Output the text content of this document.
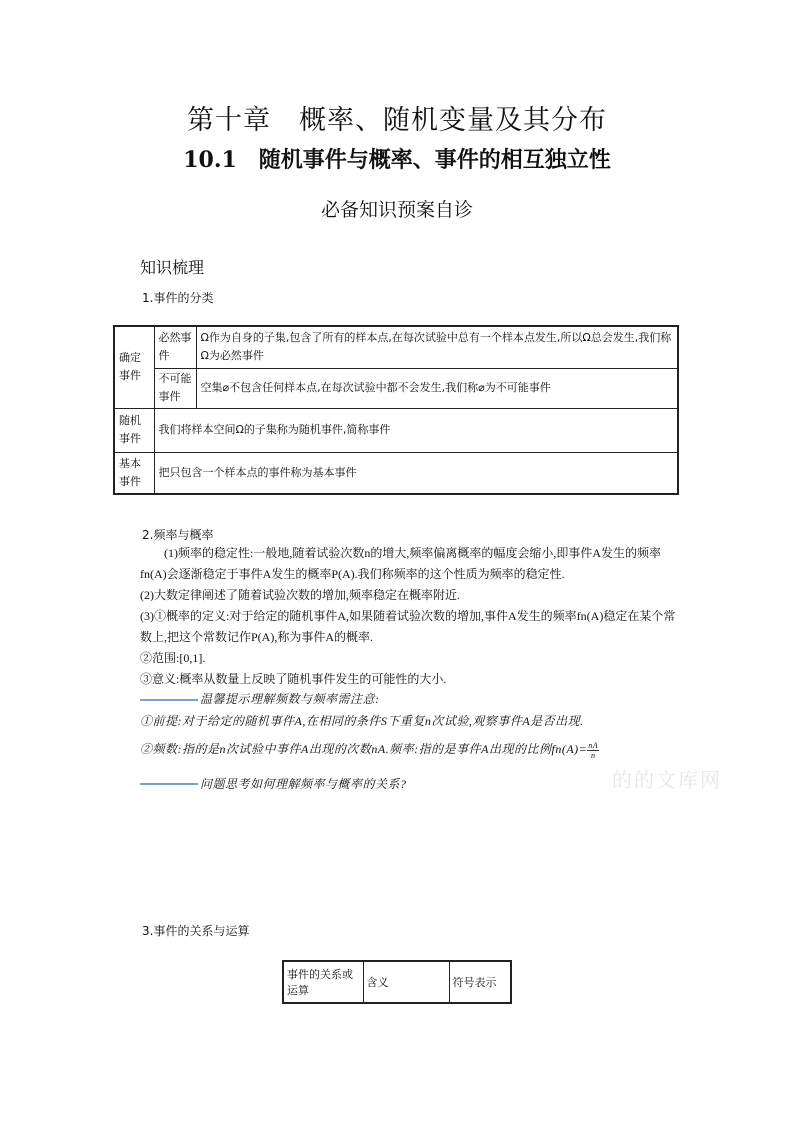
第十章　概率、随机变量及其分布
10.1　随机事件与概率、事件的相互独立性
必备知识预案自诊
知识梳理
1.事件的分类
确定事件	必然事件	Ω作为自身的子集,包含了所有的样本点,在每次试验中总有一个样本点发生,所以Ω总会发生,我们称Ω为必然事件
	不可能事件	空集⌀不包含任何样本点,在每次试验中都不会发生,我们称⌀为不可能事件
随机事件	我们将样本空间Ω的子集称为随机事件,简称事件	
基本事件	把只包含一个样本点的事件称为基本事件	
2.频率与概率
(1)频率的稳定性:一般地,随着试验次数n的增大,频率偏离概率的幅度会缩小,即事件A发生的频率fn(A)会逐渐稳定于事件A发生的概率P(A).我们称频率的这个性质为频率的稳定性.
(2)大数定律阐述了随着试验次数的增加,频率稳定在概率附近.
(3)①概率的定义:对于给定的随机事件A,如果随着试验次数的增加,事件A发生的频率fn(A)稳定在某个常数上,把这个常数记作P(A),称为事件A的概率.
②范围:[0,1].
③意义:概率从数量上反映了随机事件发生的可能性的大小.
温馨提示理解频数与频率需注意:
①前提:对于给定的随机事件A,在相同的条件S下重复n次试验,观察事件A是否出现.
②频数:指的是n次试验中事件A出现的次数nA.频率:指的是事件A出现的比例$fn(A)= \frac{nA}{n}$
的的文库网
问题思考如何理解频率与概率的关系?
3.事件的关系与运算
事件的关系或运算	含义	符号表示
